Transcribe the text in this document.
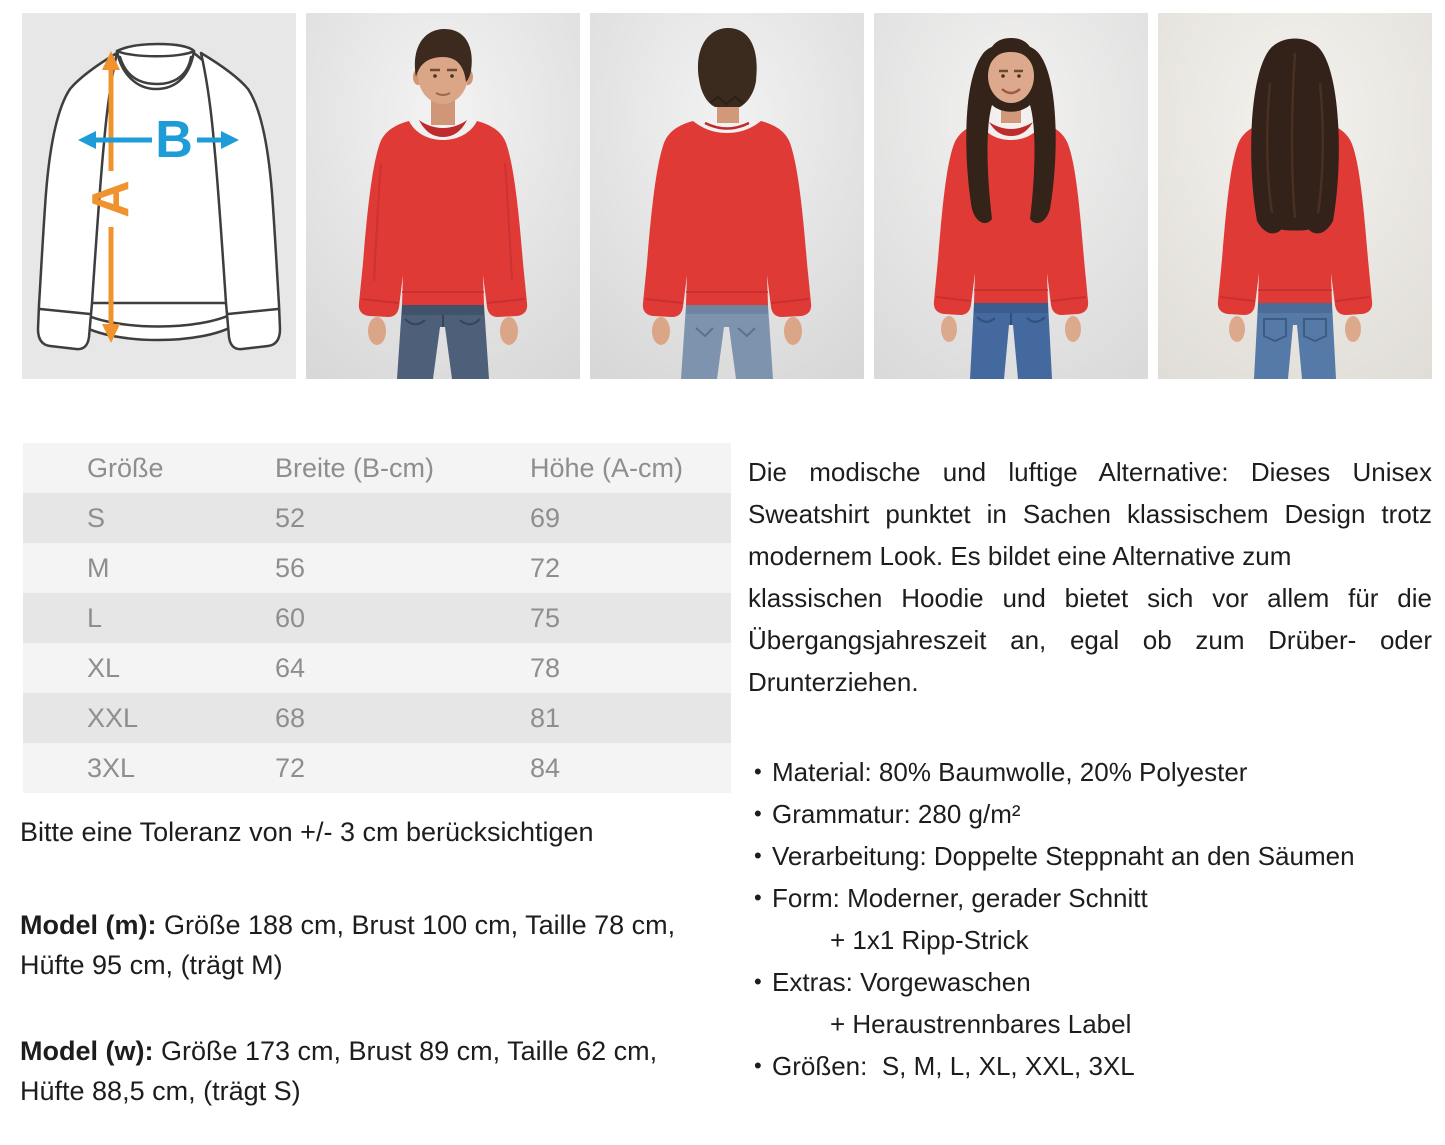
A
B
Größe	Breite (B-cm)	Höhe (A-cm)
S	52	69
M	56	72
L	60	75
XL	64	78
XXL	68	81
3XL	72	84

Bitte eine Toleranz von +/- 3 cm berücksichtigen

Model (m): Größe 188 cm, Brust 100 cm, Taille 78 cm,
Hüfte 95 cm, (trägt M)

Model (w): Größe 173 cm, Brust 89 cm, Taille 62 cm,
Hüfte 88,5 cm, (trägt S)

Die modische und luftige Alternative: Dieses Unisex
Sweatshirt punktet in Sachen klassischem Design trotz
modernem Look. Es bildet eine Alternative zum
klassischen Hoodie und bietet sich vor allem für die
Übergangsjahreszeit an, egal ob zum Drüber- oder
Drunterziehen.
• Material: 80% Baumwolle, 20% Polyester
• Grammatur: 280 g/m²
• Verarbeitung: Doppelte Steppnaht an den Säumen
• Form: Moderner, gerader Schnitt
+ 1x1 Ripp-Strick
• Extras: Vorgewaschen
+ Heraustrennbares Label
• Größen:  S, M, L, XL, XXL, 3XL
